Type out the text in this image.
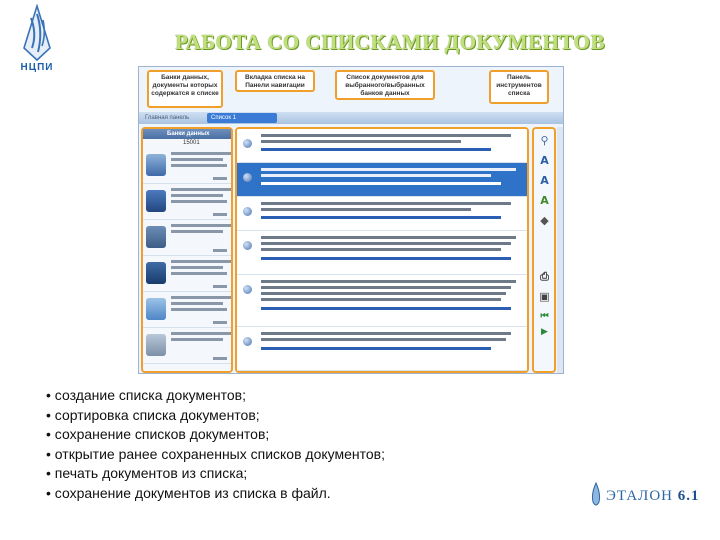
НЦПИ
РАБОТА СО СПИСКАМИ ДОКУМЕНТОВ
Банки данных, документы которых содержатся в списке
Вкладка списка на Панели навигации
Список документов для выбранного/выбранных банков данных
Панель инструментов списка
Главная панель	Список 1
Банки данных
15001	⚲
A
A
A
◆
⎙
▣
⏮
▶
• создание списка документов;
• сортировка списка документов;
• сохранение списков документов;
• открытие ранее сохраненных списков документов;
• печать документов из списка;
• сохранение документов из списка в файл.	ЭТАЛОН 6.1
